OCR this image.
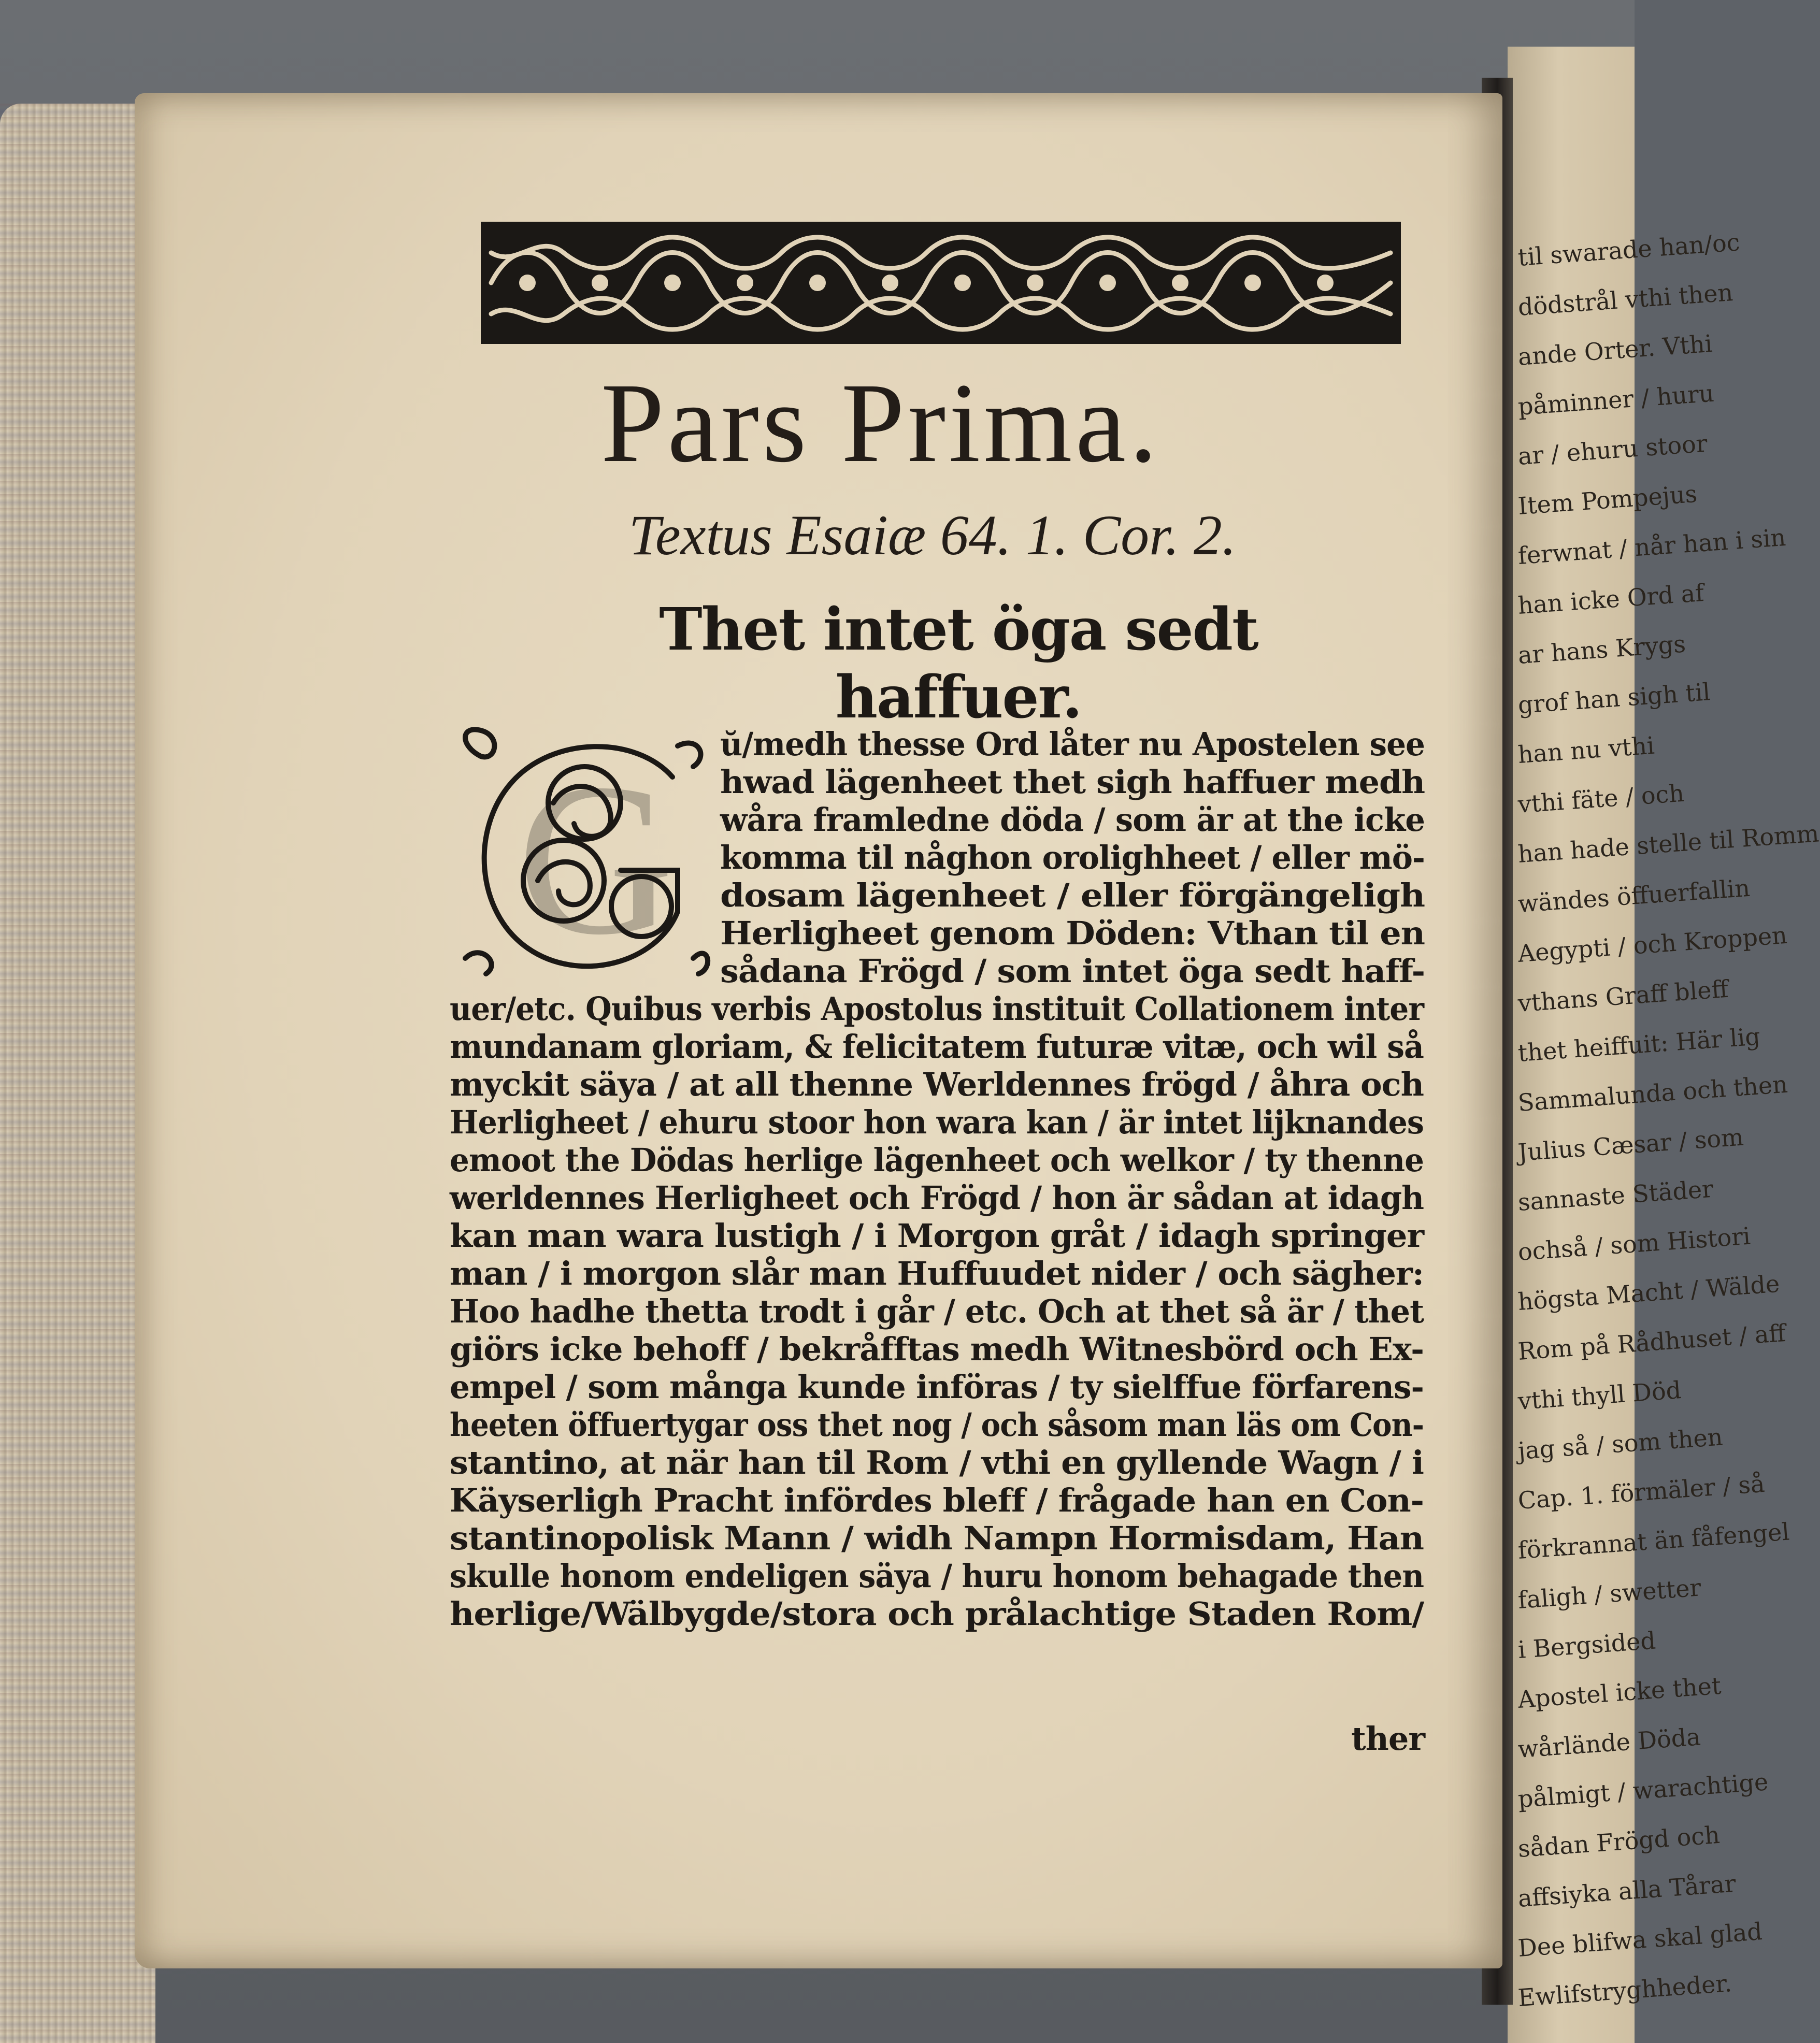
til swarade han/oc
dödstrål vthi then
ande Orter. Vthi
påminner / huru
ar / ehuru stoor
Item Pompejus
ferwnat / når han i sin
han icke Ord af
ar hans Krygs
grof han sigh til
han nu vthi
vthi fäte / och
han hade stelle til Romm
wändes öffuerfallin
Aegypti / och Kroppen
vthans Graff bleff
thet heiffuit: Här lig
Sammalunda och then
Julius Cæsar / som
sannaste Städer
ochså / som Histori
högsta Macht / Wälde
Rom på Rådhuset / aff
vthi thyll Död
jag så / som then
Cap. 1. förmäler / så
förkrannat än fåfengel
faligh / swetter
i Bergsided
Apostel icke thet
wårlände Döda
pålmigt / warachtige
sådan Frögd och
affsiyka alla Tårar
Dee blifwa skal glad
Ewlifstryghheder.
Pars Prima.
Textus Esaiæ 64. 1. Cor. 2.
Thet intet öga sedt haffuer.
G ŭ/medh thesse Ord låter nu Apostelen see
hwad lägenheet thet sigh haffuer medh
wåra framledne döda / som är at the icke
komma til någhon orolighheet / eller mö-
dosam lägenheet / eller förgängeligh
Herligheet genom Döden: Vthan til en
sådana Frögd / som intet öga sedt haff-
uer/etc. Quibus verbis Apostolus instituit Collationem inter
mundanam gloriam, & felicitatem futuræ vitæ, och wil så
myckit säya / at all thenne Werldennes frögd / åhra och
Herligheet / ehuru stoor hon wara kan / är intet lijknandes
emoot the Dödas herlige lägenheet och welkor / ty thenne
werldennes Herligheet och Frögd / hon är sådan at idagh
kan man wara lustigh / i Morgon gråt / idagh springer
man / i morgon slår man Huffuudet nider / och sägher:
Hoo hadhe thetta trodt i går / etc. Och at thet så är / thet
giörs icke behoff / bekråfftas medh Witnesbörd och Ex-
empel / som många kunde införas / ty sielffue förfarens-
heeten öffuertygar oss thet nog / och såsom man läs om Con-
stantino, at när han til Rom / vthi en gyllende Wagn / i
Käyserligh Pracht infördes bleff / frågade han en Con-
stantinopolisk Mann / widh Nampn Hormisdam, Han
skulle honom endeligen säya / huru honom behagade then
herlige/Wälbygde/stora och prålachtige Staden Rom/
ther
